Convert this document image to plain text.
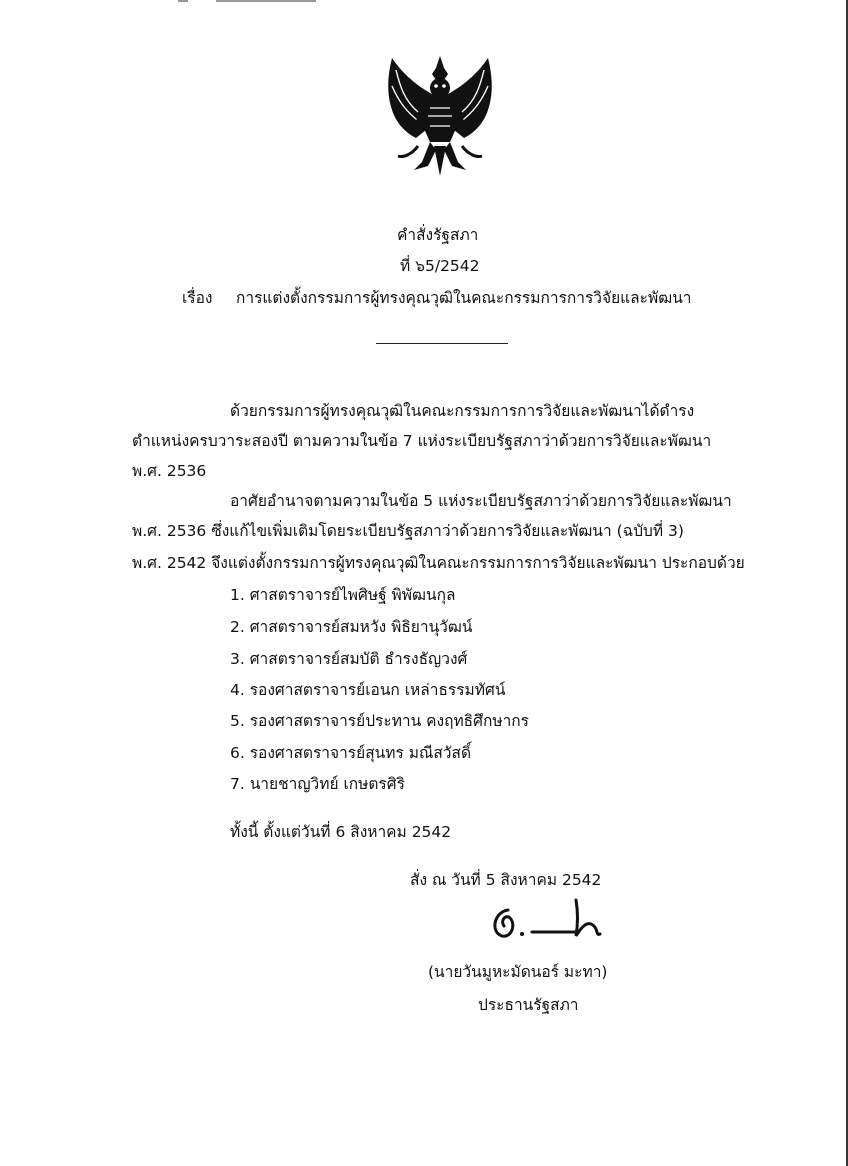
คำสั่งรัฐสภา
ที่ ๖5/2542
เรื่อง การแต่งตั้งกรรมการผู้ทรงคุณวุฒิในคณะกรรมการการวิจัยและพัฒนา
ด้วยกรรมการผู้ทรงคุณวุฒิในคณะกรรมการการวิจัยและพัฒนาได้ดำรง
ตำแหน่งครบวาระสองปี ตามความในข้อ 7 แห่งระเบียบรัฐสภาว่าด้วยการวิจัยและพัฒนา
พ.ศ. 2536
อาศัยอำนาจตามความในข้อ 5 แห่งระเบียบรัฐสภาว่าด้วยการวิจัยและพัฒนา
พ.ศ. 2536 ซึ่งแก้ไขเพิ่มเติมโดยระเบียบรัฐสภาว่าด้วยการวิจัยและพัฒนา (ฉบับที่ 3)
พ.ศ. 2542 จึงแต่งตั้งกรรมการผู้ทรงคุณวุฒิในคณะกรรมการการวิจัยและพัฒนา ประกอบด้วย
1. ศาสตราจารย์ไพศิษฐ์ พิพัฒนกุล
2. ศาสตราจารย์สมหวัง พิธิยานุวัฒน์
3. ศาสตราจารย์สมบัติ ธำรงธัญวงศ์
4. รองศาสตราจารย์เอนก เหล่าธรรมทัศน์
5. รองศาสตราจารย์ประทาน คงฤทธิศึกษากร
6. รองศาสตราจารย์สุนทร มณีสวัสดิ์
7. นายชาญวิทย์ เกษตรศิริ
ทั้งนี้ ตั้งแต่วันที่ 6 สิงหาคม 2542
สั่ง ณ วันที่ 5 สิงหาคม 2542
(นายวันมูหะมัดนอร์ มะทา)
ประธานรัฐสภา
